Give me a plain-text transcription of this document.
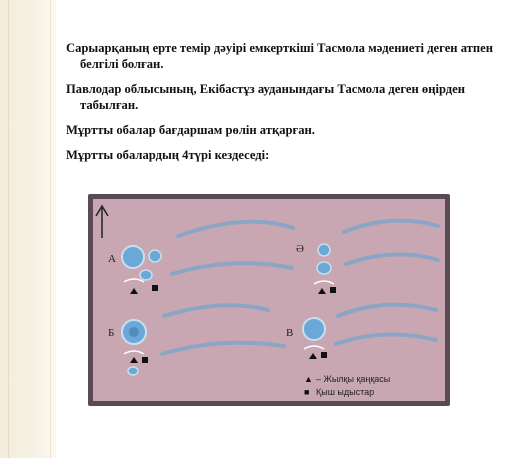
Сарыарқаның ерте темір дәуірі емкерткіші Тасмола мәдениеті деген атпен белгілі болған.

Павлодар облысының, Екібастұз ауданындағы Тасмола деген өңірден табылған.

Мұртты обалар бағдаршам рөлін атқарған.

Мұртты обалардың 4түрі кездеседі:

А
Ә
Б	В
▲ – Жылқы қаңқасы
■ Қыш ыдыстар
